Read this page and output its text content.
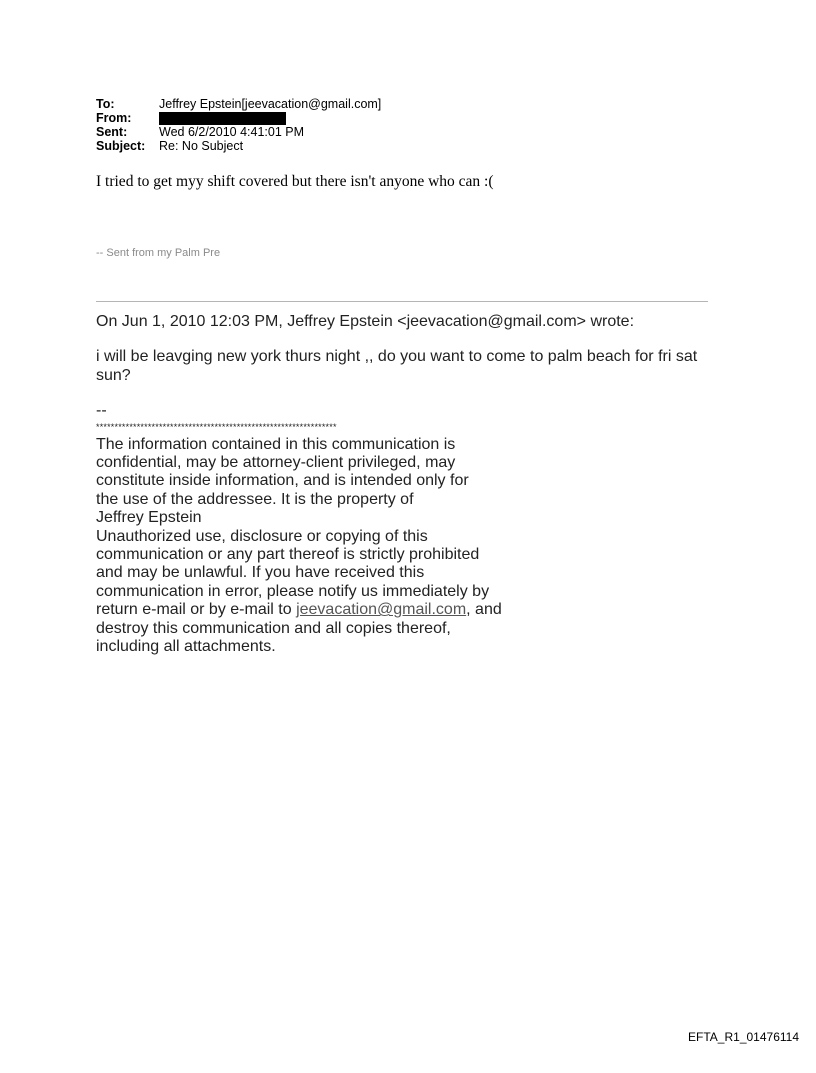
To:	Jeffrey Epstein[jeevacation@gmail.com]
From:
Sent:	Wed 6/2/2010 4:41:01 PM
Subject:	Re: No Subject
I tried to get myy shift covered but there isn't anyone who can :(
-- Sent from my Palm Pre

On Jun 1, 2010 12:03 PM, Jeffrey Epstein <jeevacation@gmail.com> wrote:

i will be leavging new york thurs night ,, do you want to come to palm beach for fri sat
sun?

--

*****************************************************************

The information contained in this communication is
confidential, may be attorney-client privileged, may
constitute inside information, and is intended only for
the use of the addressee. It is the property of
Jeffrey Epstein
Unauthorized use, disclosure or copying of this
communication or any part thereof is strictly prohibited
and may be unlawful. If you have received this
communication in error, please notify us immediately by
return e-mail or by e-mail to jeevacation@gmail.com, and
destroy this communication and all copies thereof,
including all attachments.
EFTA_R1_01476114
